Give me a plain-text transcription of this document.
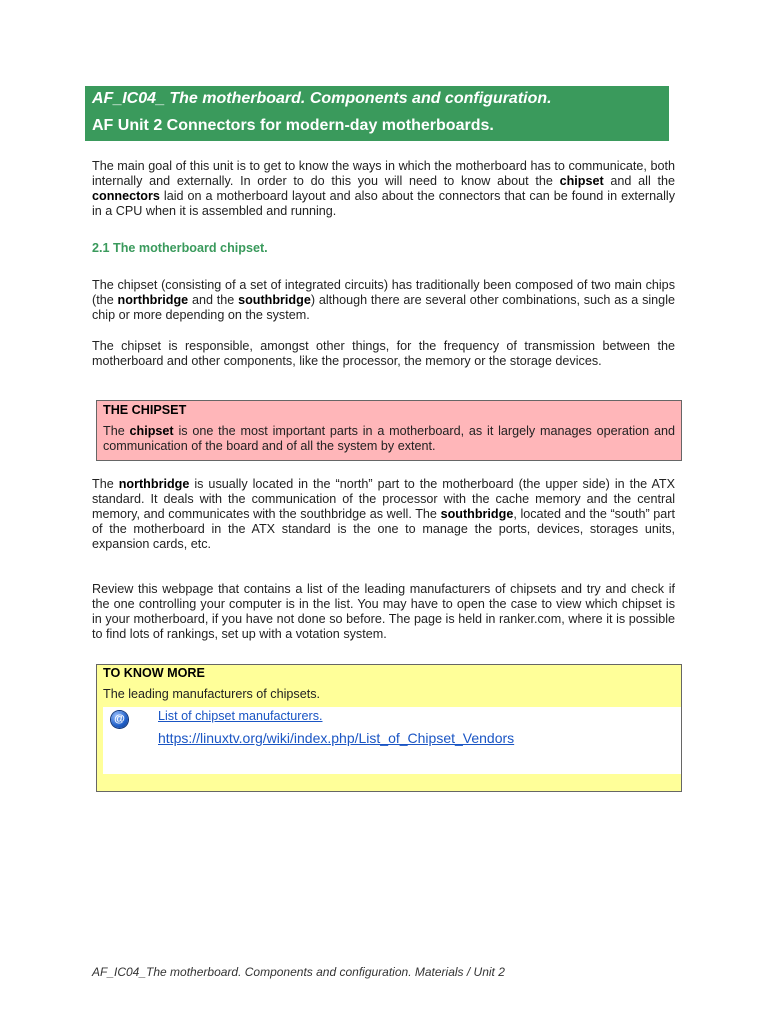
AF_IC04_ The motherboard. Components and configuration.
AF Unit 2 Connectors for modern-day motherboards.

The main goal of this unit is to get to know the ways in which the motherboard has to communicate, both internally and externally. In order to do this you will need to know about the chipset and all the connectors laid on a motherboard layout and also about the connectors that can be found in externally in a CPU when it is assembled and running.

2.1 The motherboard chipset.

The chipset (consisting of a set of integrated circuits) has traditionally been composed of two main chips (the northbridge and the southbridge) although there are several other combinations, such as a single chip or more depending on the system.

The chipset is responsible, amongst other things, for the frequency of transmission between the motherboard and other components, like the processor, the memory or the storage devices.

THE CHIPSET
The chipset is one the most important parts in a motherboard, as it largely manages operation and communication of the board and of all the system by extent.

The northbridge is usually located in the “north” part to the motherboard (the upper side) in the ATX standard. It deals with the communication of the processor with the cache memory and the central memory, and communicates with the southbridge as well. The southbridge, located and the “south” part of the motherboard in the ATX standard is the one to manage the ports, devices, storages units, expansion cards, etc.

Review this webpage that contains a list of the leading manufacturers of chipsets and try and check if the one controlling your computer is in the list. You may have to open the case to view which chipset is in your motherboard, if you have not done so before. The page is held in ranker.com, where it is possible to find lots of rankings, set up with a votation system.

TO KNOW MORE
The leading manufacturers of chipsets.
@	List of chipset manufacturers.
https://linuxtv.org/wiki/index.php/List_of_Chipset_Vendors
AF_IC04_The motherboard. Components and configuration. Materials / Unit 2
